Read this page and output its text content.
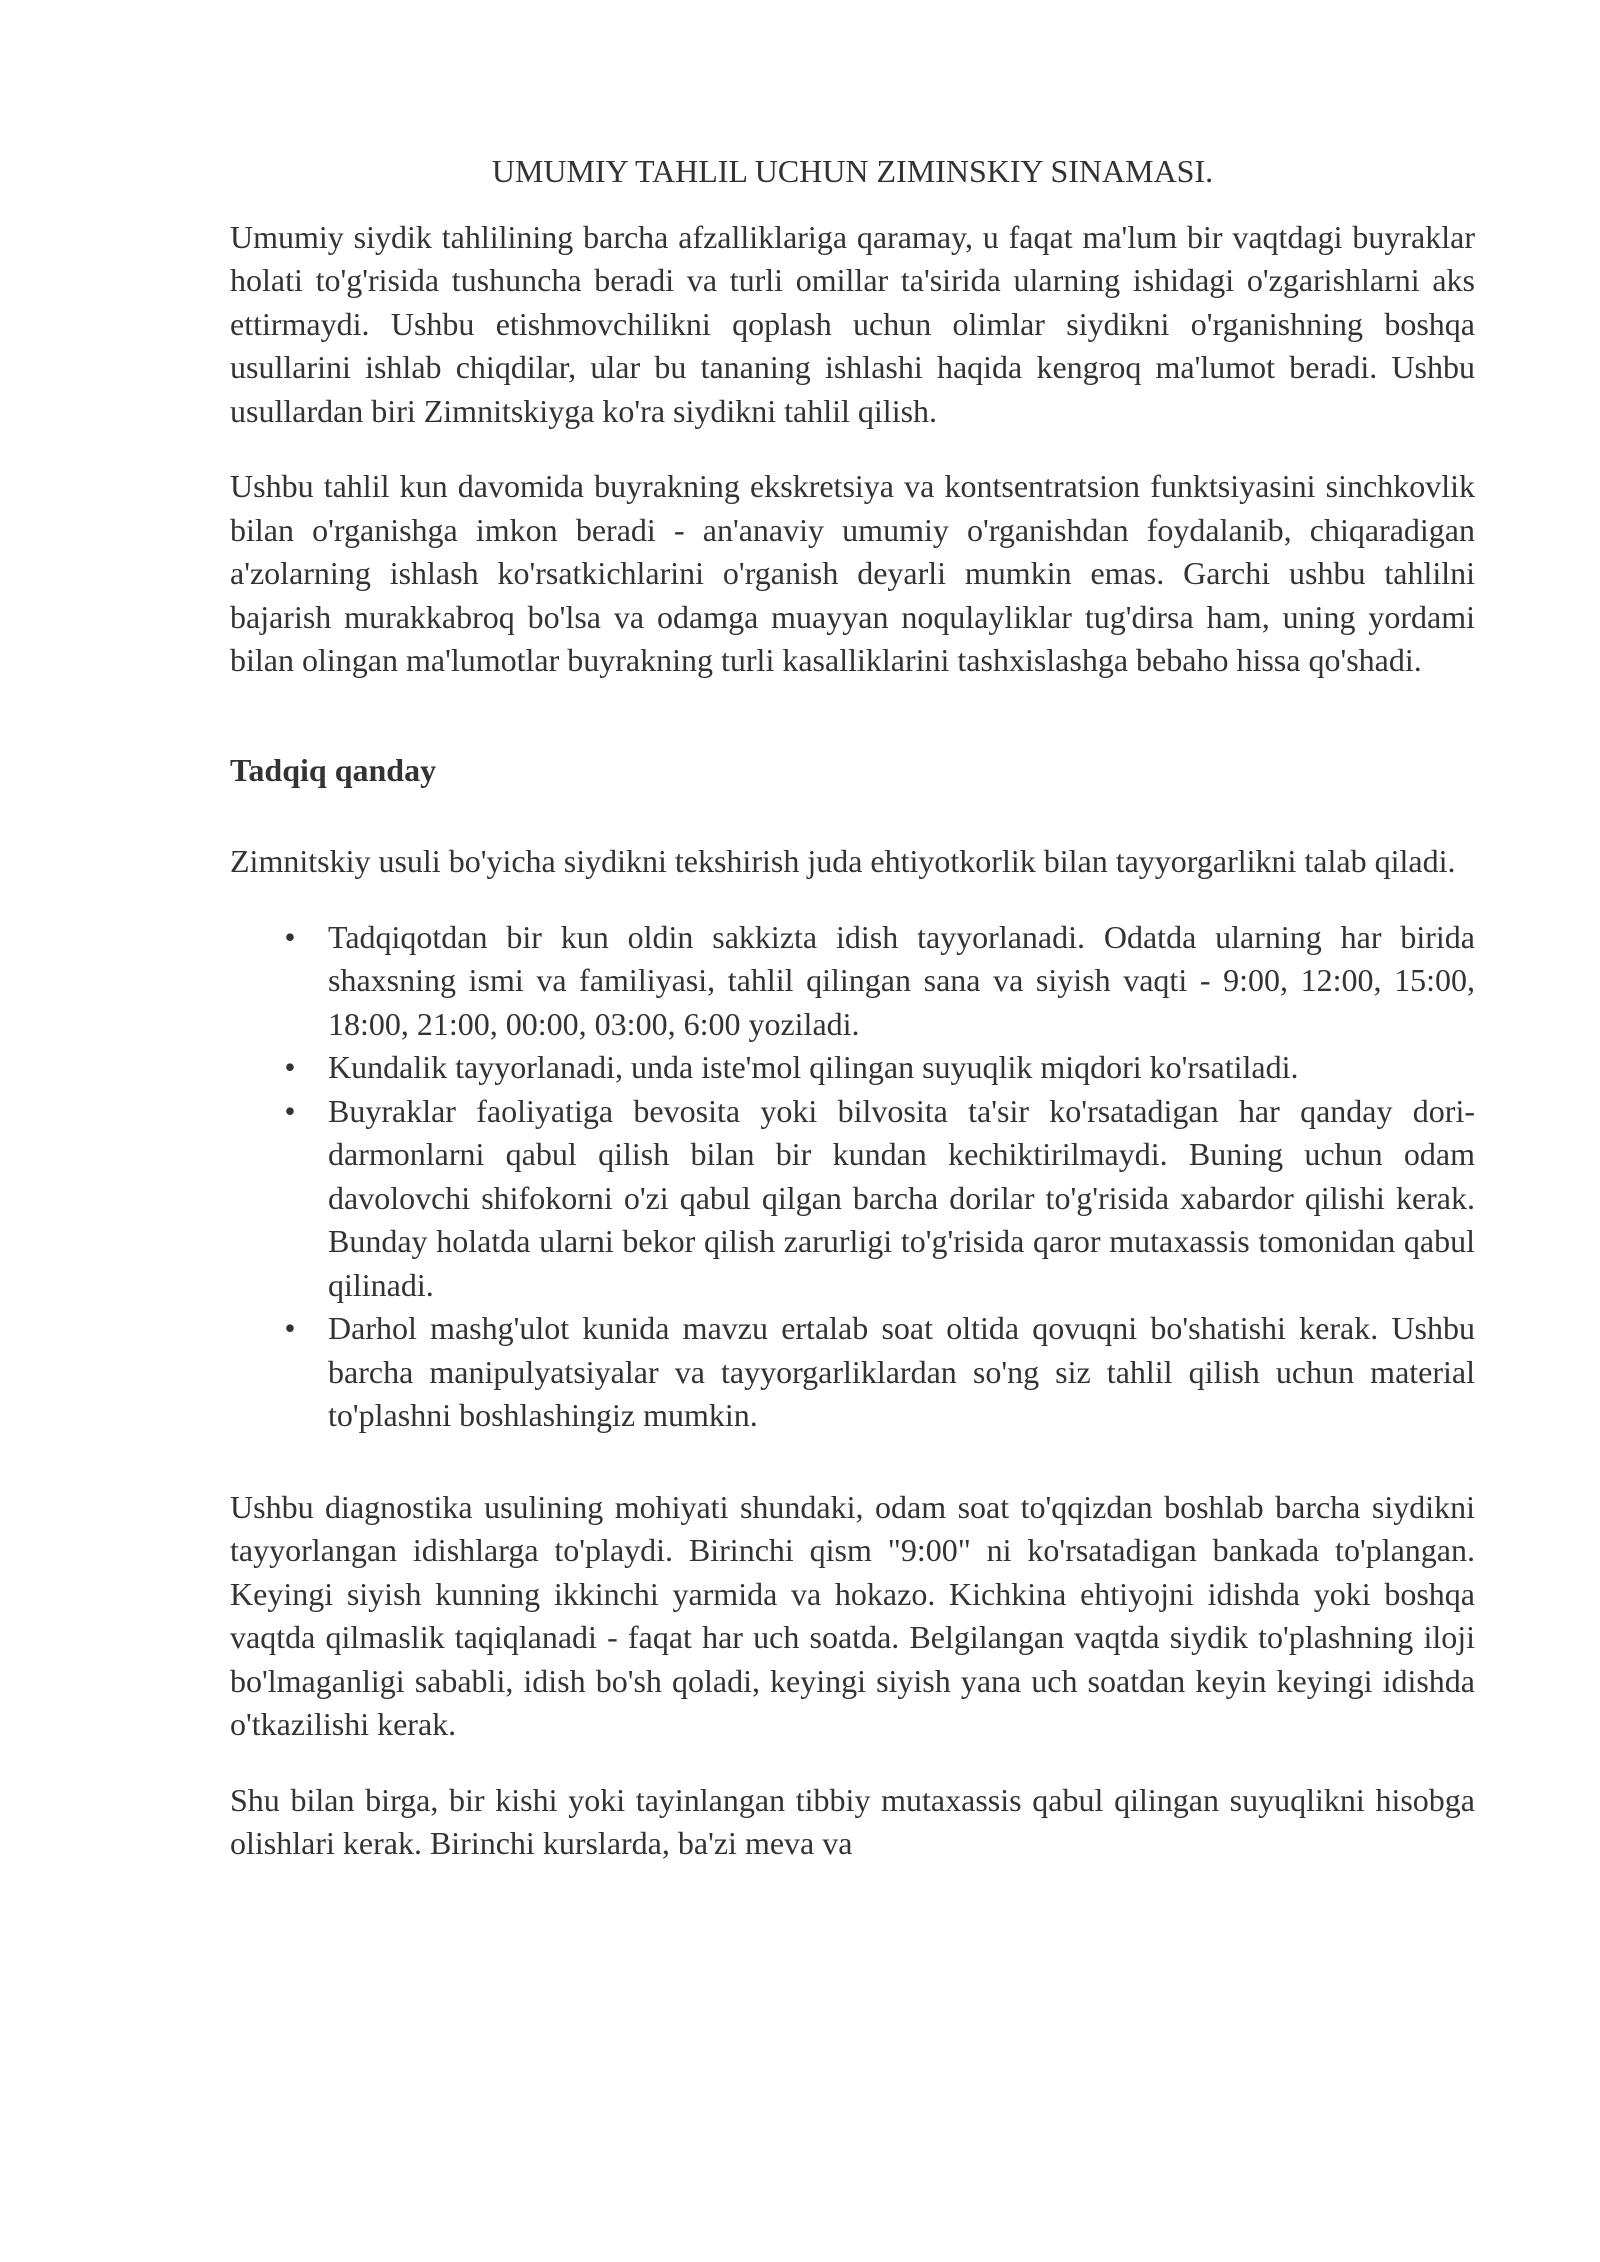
UMUMIY TAHLIL UCHUN ZIMINSKIY SINAMASI.

Umumiy siydik tahlilining barcha afzalliklariga qaramay, u faqat ma'lum bir vaqtdagi buyraklar holati to'g'risida tushuncha beradi va turli omillar ta'sirida ularning ishidagi o'zgarishlarni aks ettirmaydi. Ushbu etishmovchilikni qoplash uchun olimlar siydikni o'rganishning boshqa usullarini ishlab chiqdilar, ular bu tananing ishlashi haqida kengroq ma'lumot beradi. Ushbu usullardan biri Zimnitskiyga ko'ra siydikni tahlil qilish.

Ushbu tahlil kun davomida buyrakning ekskretsiya va kontsentratsion funktsiyasini sinchkovlik bilan o'rganishga imkon beradi - an'anaviy umumiy o'rganishdan foydalanib, chiqaradigan a'zolarning ishlash ko'rsatkichlarini o'rganish deyarli mumkin emas. Garchi ushbu tahlilni bajarish murakkabroq bo'lsa va odamga muayyan noqulayliklar tug'dirsa ham, uning yordami bilan olingan ma'lumotlar buyrakning turli kasalliklarini tashxislashga bebaho hissa qo'shadi.

Tadqiq qanday

Zimnitskiy usuli bo'yicha siydikni tekshirish juda ehtiyotkorlik bilan tayyorgarlikni talab qiladi.

• Tadqiqotdan bir kun oldin sakkizta idish tayyorlanadi. Odatda ularning har birida shaxsning ismi va familiyasi, tahlil qilingan sana va siyish vaqti - 9:00, 12:00, 15:00, 18:00, 21:00, 00:00, 03:00, 6:00 yoziladi.
• Kundalik tayyorlanadi, unda iste'mol qilingan suyuqlik miqdori ko'rsatiladi.
• Buyraklar faoliyatiga bevosita yoki bilvosita ta'sir ko'rsatadigan har qanday dori-darmonlarni qabul qilish bilan bir kundan kechiktirilmaydi. Buning uchun odam davolovchi shifokorni o'zi qabul qilgan barcha dorilar to'g'risida xabardor qilishi kerak. Bunday holatda ularni bekor qilish zarurligi to'g'risida qaror mutaxassis tomonidan qabul qilinadi.
• Darhol mashg'ulot kunida mavzu ertalab soat oltida qovuqni bo'shatishi kerak. Ushbu barcha manipulyatsiyalar va tayyorgarliklardan so'ng siz tahlil qilish uchun material to'plashni boshlashingiz mumkin.

Ushbu diagnostika usulining mohiyati shundaki, odam soat to'qqizdan boshlab barcha siydikni tayyorlangan idishlarga to'playdi. Birinchi qism "9:00" ni ko'rsatadigan bankada to'plangan. Keyingi siyish kunning ikkinchi yarmida va hokazo. Kichkina ehtiyojni idishda yoki boshqa vaqtda qilmaslik taqiqlanadi - faqat har uch soatda. Belgilangan vaqtda siydik to'plashning iloji bo'lmaganligi sababli, idish bo'sh qoladi, keyingi siyish yana uch soatdan keyin keyingi idishda o'tkazilishi kerak.

Shu bilan birga, bir kishi yoki tayinlangan tibbiy mutaxassis qabul qilingan suyuqlikni hisobga olishlari kerak. Birinchi kurslarda, ba'zi meva va
